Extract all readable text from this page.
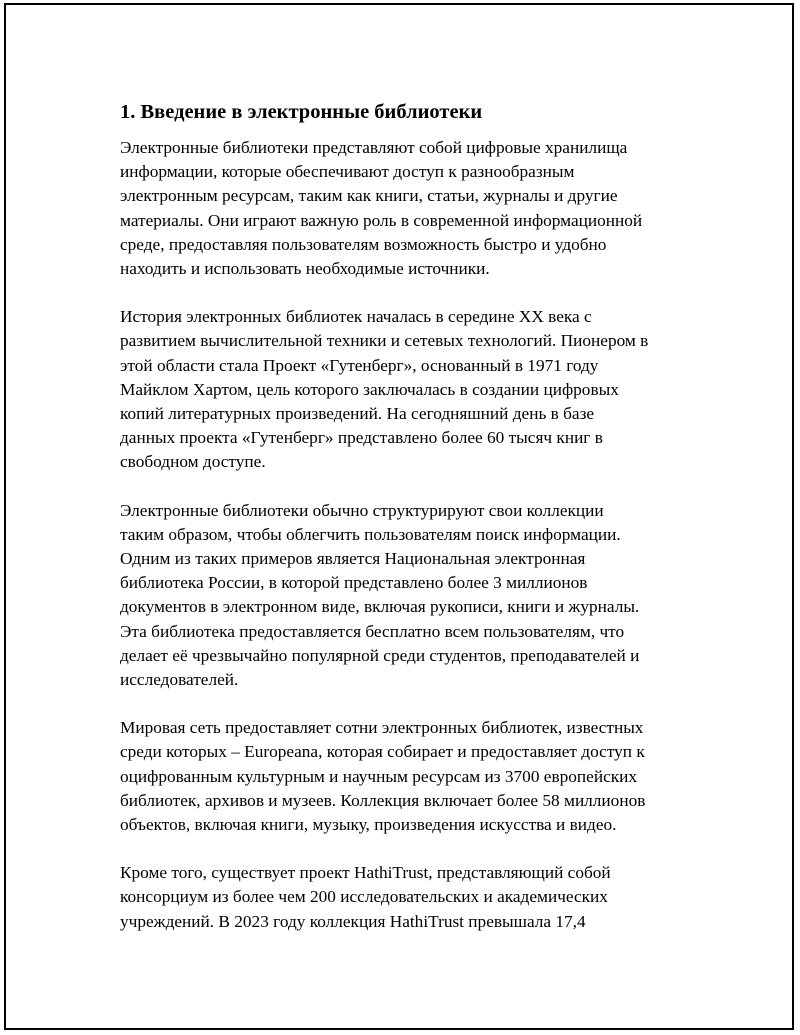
1. Введение в электронные библиотеки

Электронные библиотеки представляют собой цифровые хранилища
информации, которые обеспечивают доступ к разнообразным
электронным ресурсам, таким как книги, статьи, журналы и другие
материалы. Они играют важную роль в современной информационной
среде, предоставляя пользователям возможность быстро и удобно
находить и использовать необходимые источники.

История электронных библиотек началась в середине XX века с
развитием вычислительной техники и сетевых технологий. Пионером в
этой области стала Проект «Гутенберг», основанный в 1971 году
Майклом Хартом, цель которого заключалась в создании цифровых
копий литературных произведений. На сегодняшний день в базе
данных проекта «Гутенберг» представлено более 60 тысяч книг в
свободном доступе.

Электронные библиотеки обычно структурируют свои коллекции
таким образом, чтобы облегчить пользователям поиск информации.
Одним из таких примеров является Национальная электронная
библиотека России, в которой представлено более 3 миллионов
документов в электронном виде, включая рукописи, книги и журналы.
Эта библиотека предоставляется бесплатно всем пользователям, что
делает её чрезвычайно популярной среди студентов, преподавателей и
исследователей.

Мировая сеть предоставляет сотни электронных библиотек, известных
среди которых – Europeana, которая собирает и предоставляет доступ к
оцифрованным культурным и научным ресурсам из 3700 европейских
библиотек, архивов и музеев. Коллекция включает более 58 миллионов
объектов, включая книги, музыку, произведения искусства и видео.

Кроме того, существует проект HathiTrust, представляющий собой
консорциум из более чем 200 исследовательских и академических
учреждений. В 2023 году коллекция HathiTrust превышала 17,4
